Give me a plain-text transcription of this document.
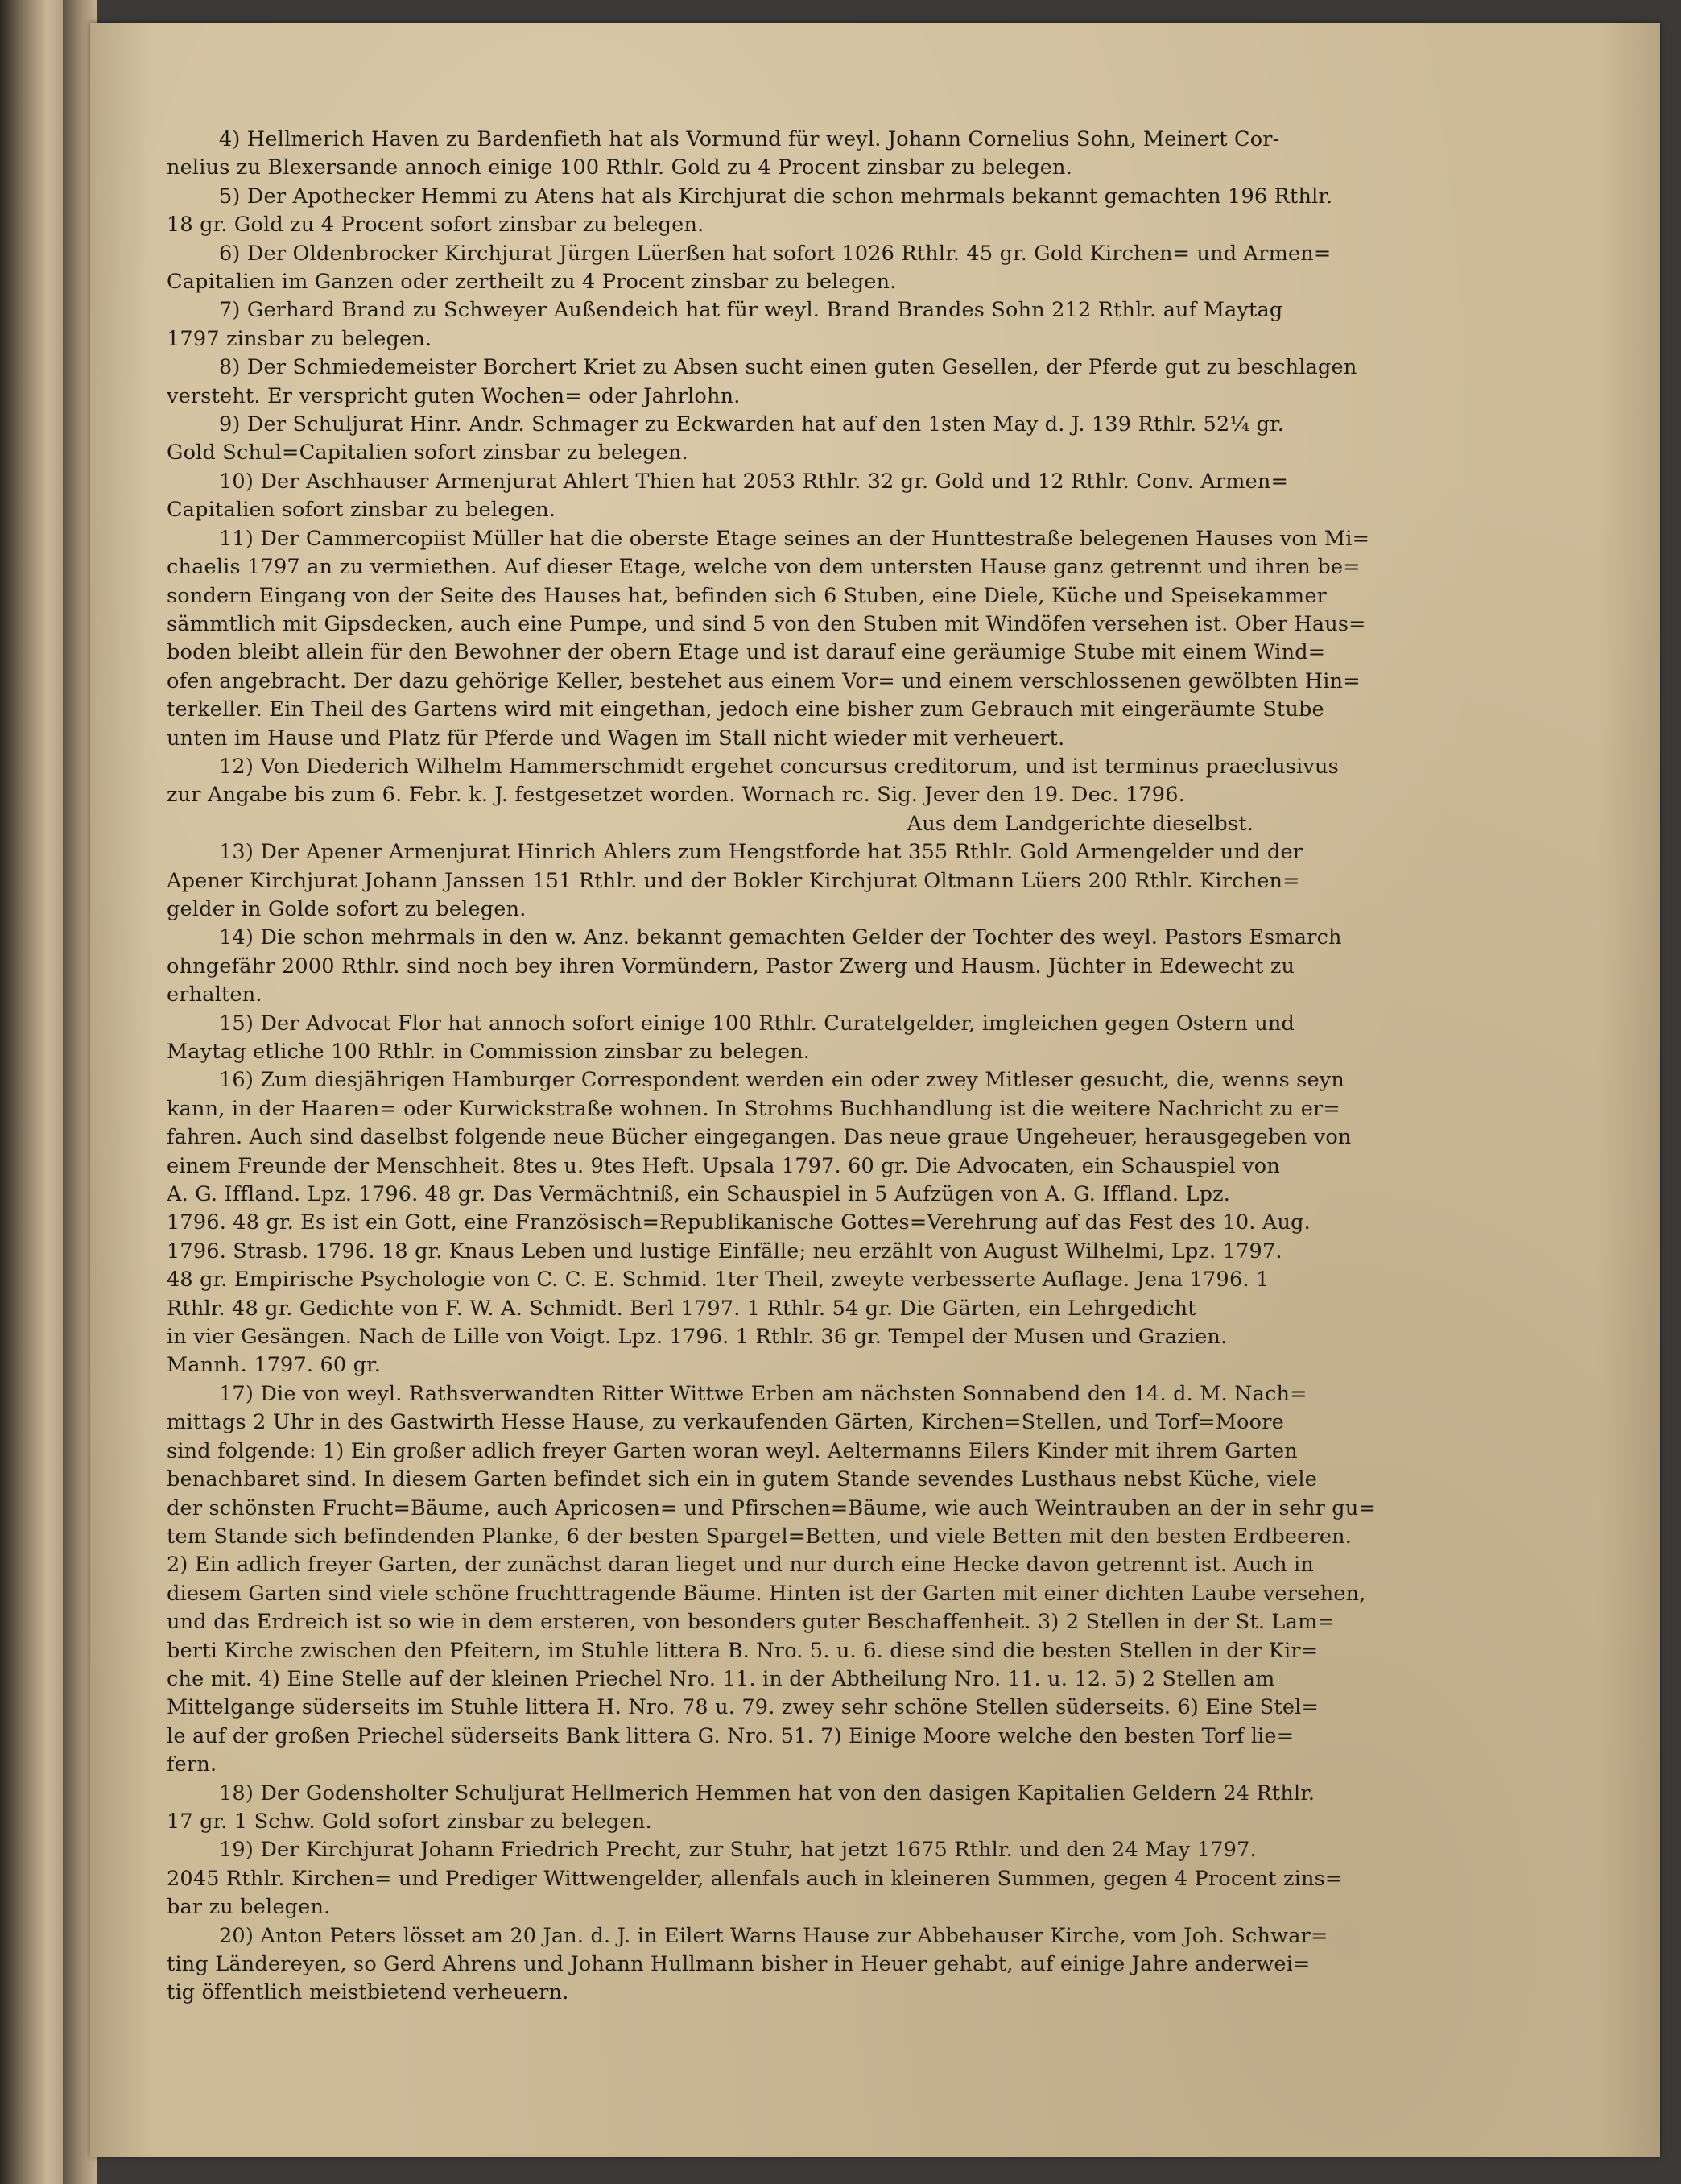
4) Hellmerich Haven zu Bardenfieth hat als Vormund für weyl. Johann Cornelius Sohn, Meinert Cor-
nelius zu Blexersande annoch einige 100 Rthlr. Gold zu 4 Procent zinsbar zu belegen.

5) Der Apothecker Hemmi zu Atens hat als Kirchjurat die schon mehrmals bekannt gemachten 196 Rthlr.
18 gr. Gold zu 4 Procent sofort zinsbar zu belegen.

6) Der Oldenbrocker Kirchjurat Jürgen Lüerßen hat sofort 1026 Rthlr. 45 gr. Gold Kirchen= und Armen=
Capitalien im Ganzen oder zertheilt zu 4 Procent zinsbar zu belegen.

7) Gerhard Brand zu Schweyer Außendeich hat für weyl. Brand Brandes Sohn 212 Rthlr. auf Maytag
1797 zinsbar zu belegen.

8) Der Schmiedemeister Borchert Kriet zu Absen sucht einen guten Gesellen, der Pferde gut zu beschlagen
versteht. Er verspricht guten Wochen= oder Jahrlohn.

9) Der Schuljurat Hinr. Andr. Schmager zu Eckwarden hat auf den 1sten May d. J. 139 Rthlr. 52¼ gr.
Gold Schul=Capitalien sofort zinsbar zu belegen.

10) Der Aschhauser Armenjurat Ahlert Thien hat 2053 Rthlr. 32 gr. Gold und 12 Rthlr. Conv. Armen=
Capitalien sofort zinsbar zu belegen.

11) Der Cammercopiist Müller hat die oberste Etage seines an der Hunttestraße belegenen Hauses von Mi=
chaelis 1797 an zu vermiethen. Auf dieser Etage, welche von dem untersten Hause ganz getrennt und ihren be=
sondern Eingang von der Seite des Hauses hat, befinden sich 6 Stuben, eine Diele, Küche und Speisekammer
sämmtlich mit Gipsdecken, auch eine Pumpe, und sind 5 von den Stuben mit Windöfen versehen ist. Ober Haus=
boden bleibt allein für den Bewohner der obern Etage und ist darauf eine geräumige Stube mit einem Wind=
ofen angebracht. Der dazu gehörige Keller, bestehet aus einem Vor= und einem verschlossenen gewölbten Hin=
terkeller. Ein Theil des Gartens wird mit eingethan, jedoch eine bisher zum Gebrauch mit eingeräumte Stube
unten im Hause und Platz für Pferde und Wagen im Stall nicht wieder mit verheuert.

12) Von Diederich Wilhelm Hammerschmidt ergehet concursus creditorum, und ist terminus praeclusivus
zur Angabe bis zum 6. Febr. k. J. festgesetzet worden. Wornach rc. Sig. Jever den 19. Dec. 1796.

Aus dem Landgerichte dieselbst.

13) Der Apener Armenjurat Hinrich Ahlers zum Hengstforde hat 355 Rthlr. Gold Armengelder und der
Apener Kirchjurat Johann Janssen 151 Rthlr. und der Bokler Kirchjurat Oltmann Lüers 200 Rthlr. Kirchen=
gelder in Golde sofort zu belegen.

14) Die schon mehrmals in den w. Anz. bekannt gemachten Gelder der Tochter des weyl. Pastors Esmarch
ohngefähr 2000 Rthlr. sind noch bey ihren Vormündern, Pastor Zwerg und Hausm. Jüchter in Edewecht zu
erhalten.

15) Der Advocat Flor hat annoch sofort einige 100 Rthlr. Curatelgelder, imgleichen gegen Ostern und
Maytag etliche 100 Rthlr. in Commission zinsbar zu belegen.

16) Zum diesjährigen Hamburger Correspondent werden ein oder zwey Mitleser gesucht, die, wenns seyn
kann, in der Haaren= oder Kurwickstraße wohnen. In Strohms Buchhandlung ist die weitere Nachricht zu er=
fahren. Auch sind daselbst folgende neue Bücher eingegangen. Das neue graue Ungeheuer, herausgegeben von
einem Freunde der Menschheit. 8tes u. 9tes Heft. Upsala 1797. 60 gr. Die Advocaten, ein Schauspiel von
A. G. Iffland. Lpz. 1796. 48 gr. Das Vermächtniß, ein Schauspiel in 5 Aufzügen von A. G. Iffland. Lpz.
1796. 48 gr. Es ist ein Gott, eine Französisch=Republikanische Gottes=Verehrung auf das Fest des 10. Aug.
1796. Strasb. 1796. 18 gr. Knaus Leben und lustige Einfälle; neu erzählt von August Wilhelmi, Lpz. 1797.
48 gr. Empirische Psychologie von C. C. E. Schmid. 1ter Theil, zweyte verbesserte Auflage. Jena 1796. 1
Rthlr. 48 gr. Gedichte von F. W. A. Schmidt. Berl 1797. 1 Rthlr. 54 gr. Die Gärten, ein Lehrgedicht
in vier Gesängen. Nach de Lille von Voigt. Lpz. 1796. 1 Rthlr. 36 gr. Tempel der Musen und Grazien.
Mannh. 1797. 60 gr.

17) Die von weyl. Rathsverwandten Ritter Wittwe Erben am nächsten Sonnabend den 14. d. M. Nach=
mittags 2 Uhr in des Gastwirth Hesse Hause, zu verkaufenden Gärten, Kirchen=Stellen, und Torf=Moore
sind folgende: 1) Ein großer adlich freyer Garten woran weyl. Aeltermanns Eilers Kinder mit ihrem Garten
benachbaret sind. In diesem Garten befindet sich ein in gutem Stande sevendes Lusthaus nebst Küche, viele
der schönsten Frucht=Bäume, auch Apricosen= und Pfirschen=Bäume, wie auch Weintrauben an der in sehr gu=
tem Stande sich befindenden Planke, 6 der besten Spargel=Betten, und viele Betten mit den besten Erdbeeren.
2) Ein adlich freyer Garten, der zunächst daran lieget und nur durch eine Hecke davon getrennt ist. Auch in
diesem Garten sind viele schöne fruchttragende Bäume. Hinten ist der Garten mit einer dichten Laube versehen,
und das Erdreich ist so wie in dem ersteren, von besonders guter Beschaffenheit. 3) 2 Stellen in der St. Lam=
berti Kirche zwischen den Pfeitern, im Stuhle littera B. Nro. 5. u. 6. diese sind die besten Stellen in der Kir=
che mit. 4) Eine Stelle auf der kleinen Priechel Nro. 11. in der Abtheilung Nro. 11. u. 12. 5) 2 Stellen am
Mittelgange süderseits im Stuhle littera H. Nro. 78 u. 79. zwey sehr schöne Stellen süderseits. 6) Eine Stel=
le auf der großen Priechel süderseits Bank littera G. Nro. 51. 7) Einige Moore welche den besten Torf lie=
fern.

18) Der Godensholter Schuljurat Hellmerich Hemmen hat von den dasigen Kapitalien Geldern 24 Rthlr.
17 gr. 1 Schw. Gold sofort zinsbar zu belegen.

19) Der Kirchjurat Johann Friedrich Precht, zur Stuhr, hat jetzt 1675 Rthlr. und den 24 May 1797.
2045 Rthlr. Kirchen= und Prediger Wittwengelder, allenfals auch in kleineren Summen, gegen 4 Procent zins=
bar zu belegen.

20) Anton Peters lösset am 20 Jan. d. J. in Eilert Warns Hause zur Abbehauser Kirche, vom Joh. Schwar=
ting Ländereyen, so Gerd Ahrens und Johann Hullmann bisher in Heuer gehabt, auf einige Jahre anderwei=
tig öffentlich meistbietend verheuern.
